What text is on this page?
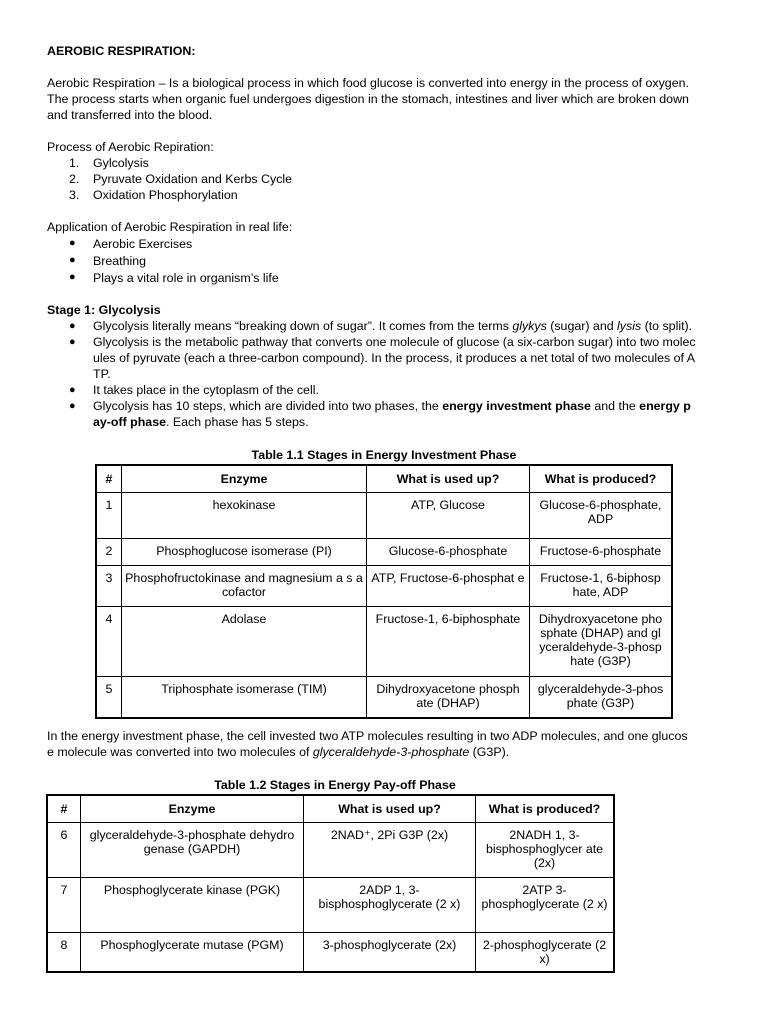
AEROBIC RESPIRATION:

Aerobic Respiration – Is a biological process in which food glucose is converted into energy in the process of oxygen.

The process starts when organic fuel undergoes digestion in the stomach, intestines and liver which are broken down

and transferred into the blood.

Process of Aerobic Repiration:

1. Gylcolysis
2. Pyruvate Oxidation and Kerbs Cycle
3. Oxidation Phosphorylation

Application of Aerobic Respiration in real life:

● Aerobic Exercises
● Breathing
● Plays a vital role in organism’s life

Stage 1: Glycolysis

● Glycolysis literally means “breaking down of sugar”. It comes from the terms glykys (sugar) and lysis (to split).
● Glycolysis is the metabolic pathway that converts one molecule of glucose (a six-carbon sugar) into two molec
ules of pyruvate (each a three-carbon compound). In the process, it produces a net total of two molecules of A
TP.
● It takes place in the cytoplasm of the cell.
● Glycolysis has 10 steps, which are divided into two phases, the energy investment phase and the energy p
ay-off phase. Each phase has 5 steps.

Table 1.1 Stages in Energy Investment Phase

#	Enzyme	What is used up?	What is produced?
1	hexokinase	ATP, Glucose	Glucose-6-phosphate, ADP
2	Phosphoglucose isomerase (PI)	Glucose-6-phosphate	Fructose-6-phosphate
3	Phosphofructokinase and magnesium a s a cofactor	ATP, Fructose-6-phosphat e	Fructose-1, 6-biphosp hate, ADP
4	Adolase	Fructose-1, 6-biphosphate	Dihydroxyacetone pho sphate (DHAP) and gl yceraldehyde-3-phosp hate (G3P)
5	Triphosphate isomerase (TIM)	Dihydroxyacetone phosph ate (DHAP)	glyceraldehyde-3-phos phate (G3P)

In the energy investment phase, the cell invested two ATP molecules resulting in two ADP molecules, and one glucos

e molecule was converted into two molecules of glyceraldehyde-3-phosphate (G3P).

Table 1.2 Stages in Energy Pay-off Phase

#	Enzyme	What is used up?	What is produced?
6	glyceraldehyde-3-phosphate dehydro genase (GAPDH)	2NAD⁺, 2Pi G3P (2x)	2NADH 1, 3-bisphosphoglycer ate (2x)
7	Phosphoglycerate kinase (PGK)	2ADP 1, 3-bisphosphoglycerate (2 x)	2ATP 3-phosphoglycerate (2 x)
8	Phosphoglycerate mutase (PGM)	3-phosphoglycerate (2x)	2-phosphoglycerate (2 x)
